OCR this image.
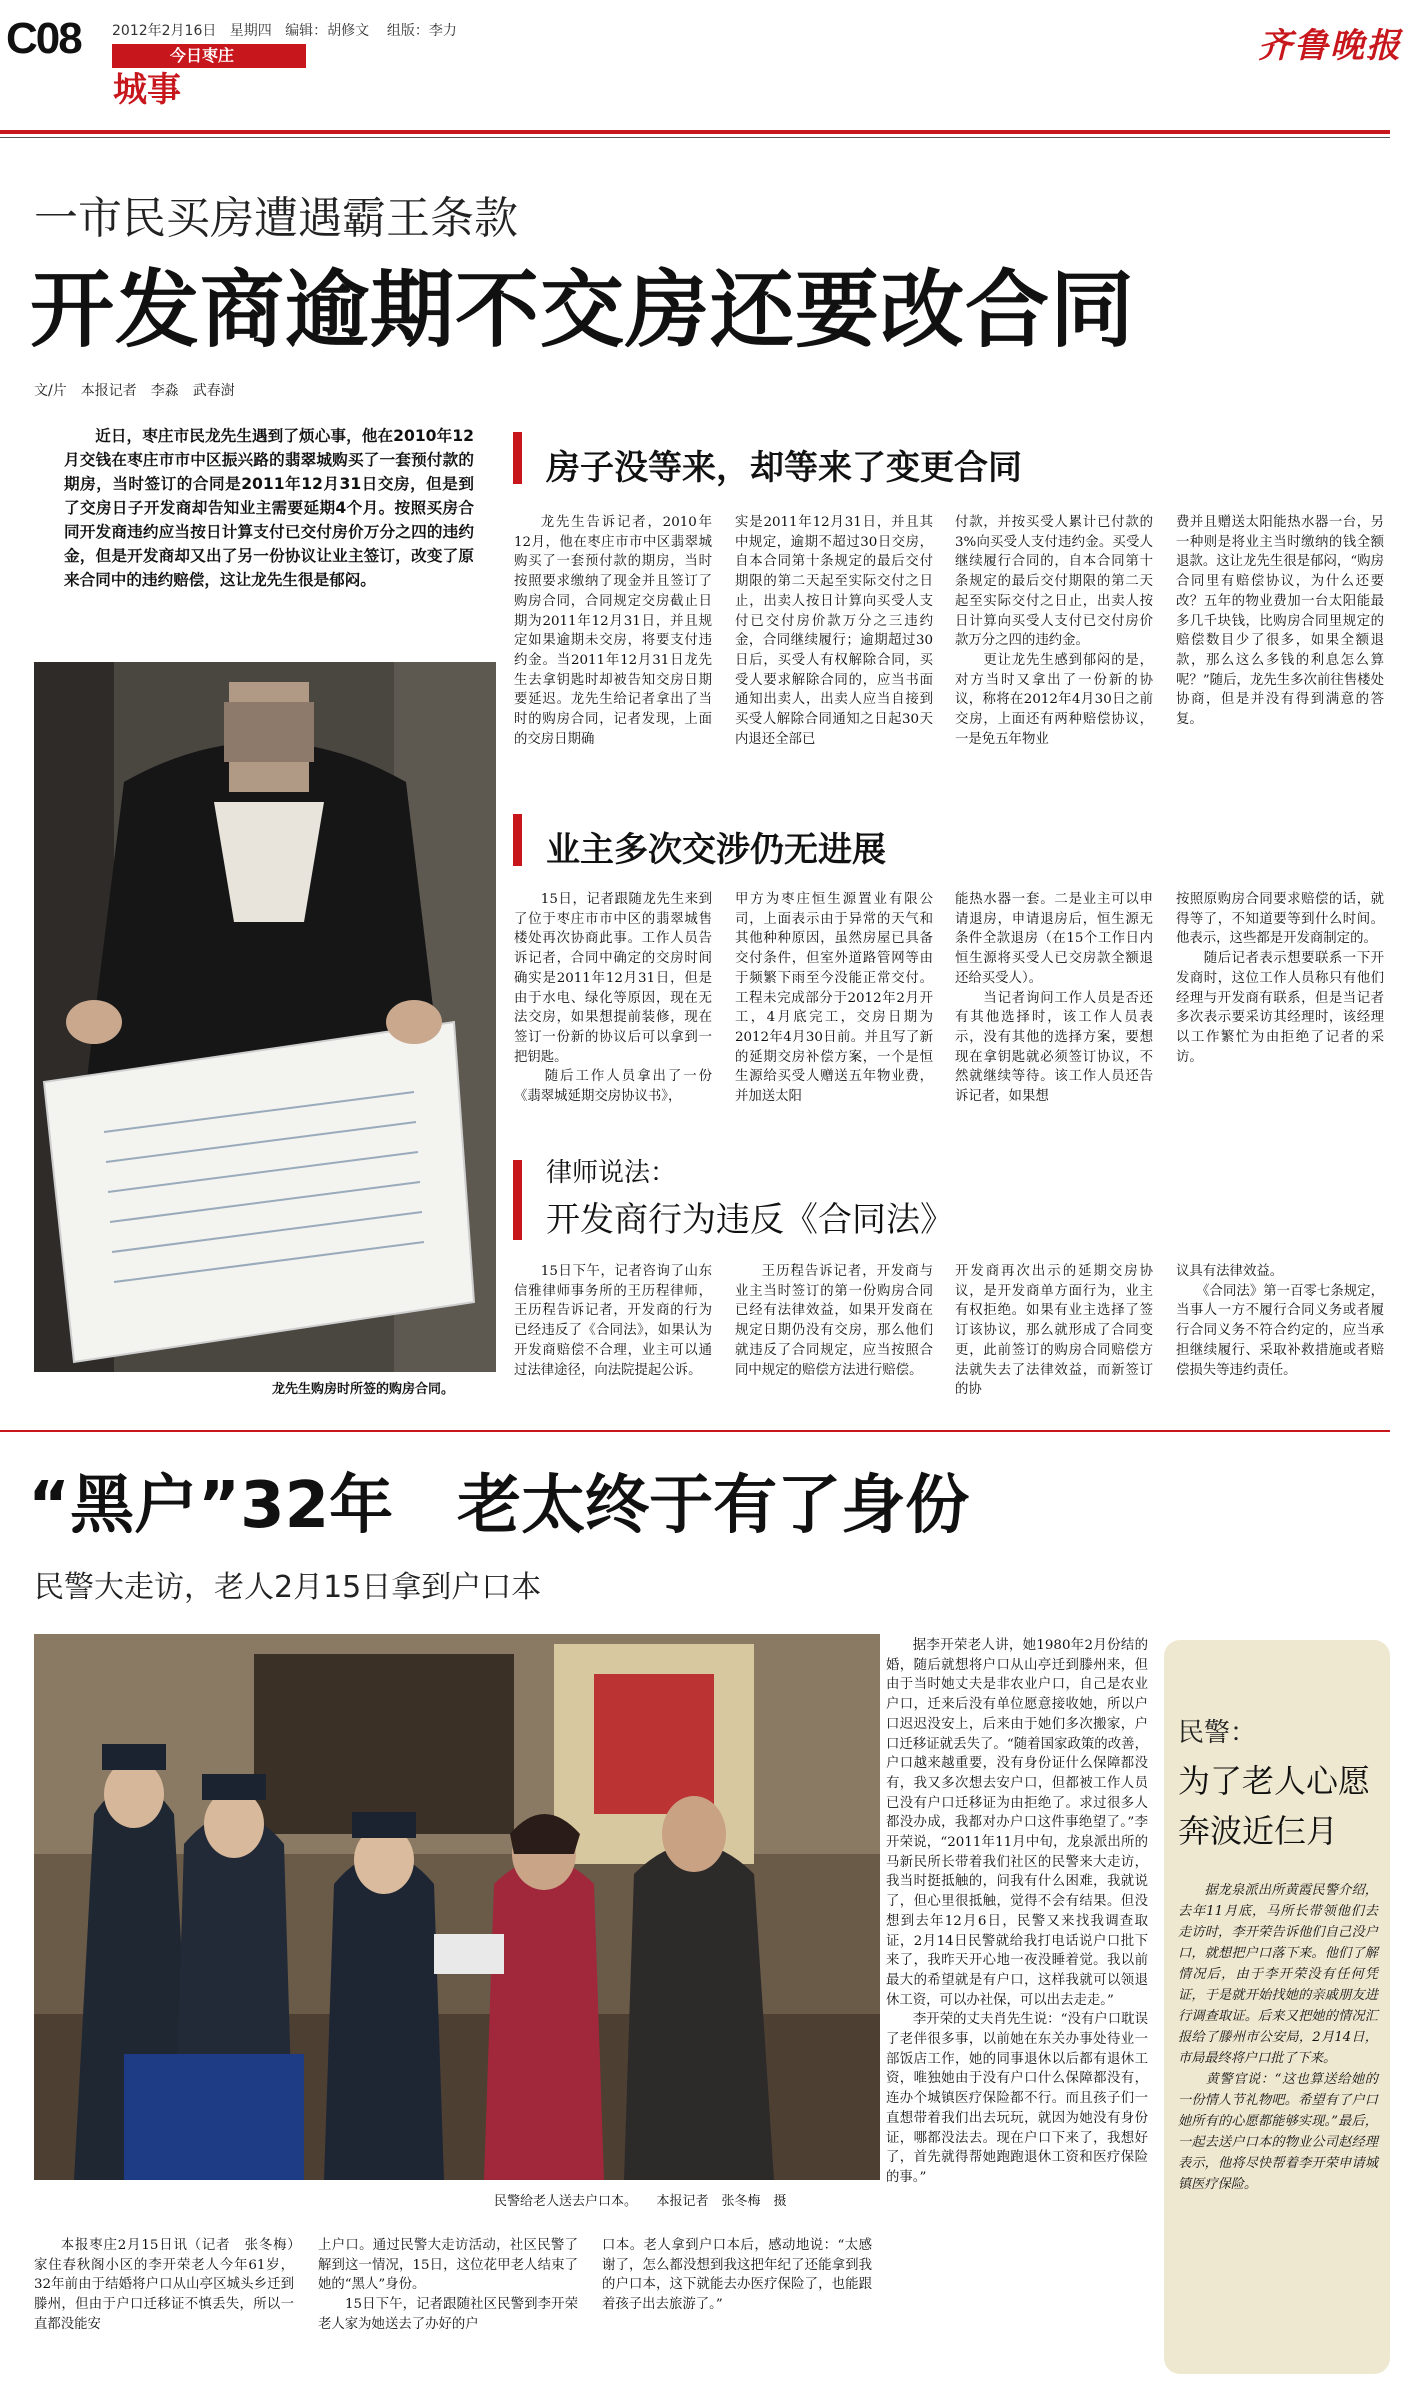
C08 2012年2月16日 星期四 编辑：胡修文 组版：李力
今日枣庄
城事
齐鲁晚报
一市民买房遭遇霸王条款
开发商逾期不交房还要改合同
文/片　本报记者　李淼　武春澍
近日，枣庄市民龙先生遇到了烦心事，他在2010年12月交钱在枣庄市市中区振兴路的翡翠城购买了一套预付款的期房，当时签订的合同是2011年12月31日交房，但是到了交房日子开发商却告知业主需要延期4个月。按照买房合同开发商违约应当按日计算支付已交付房价万分之四的违约金，但是开发商却又出了另一份协议让业主签订，改变了原来合同中的违约赔偿，这让龙先生很是郁闷。
龙先生购房时所签的购房合同。
房子没等来，却等来了变更合同
龙先生告诉记者，2010年12月，他在枣庄市市中区翡翠城购买了一套预付款的期房，当时按照要求缴纳了现金并且签订了购房合同，合同规定交房截止日期为2011年12月31日，并且规定如果逾期未交房，将要支付违约金。当2011年12月31日龙先生去拿钥匙时却被告知交房日期要延迟。龙先生给记者拿出了当时的购房合同，记者发现，上面的交房日期确
实是2011年12月31日，并且其中规定，逾期不超过30日交房，自本合同第十条规定的最后交付期限的第二天起至实际交付之日止，出卖人按日计算向买受人支付已交付房价款万分之三违约金，合同继续履行；逾期超过30日后，买受人有权解除合同，买受人要求解除合同的，应当书面通知出卖人，出卖人应当自接到买受人解除合同通知之日起30天内退还全部已
付款，并按买受人累计已付款的3%向买受人支付违约金。买受人继续履行合同的，自本合同第十条规定的最后交付期限的第二天起至实际交付之日止，出卖人按日计算向买受人支付已交付房价款万分之四的违约金。
　　更让龙先生感到郁闷的是，对方当时又拿出了一份新的协议，称将在2012年4月30日之前交房，上面还有两种赔偿协议，一是免五年物业
费并且赠送太阳能热水器一台，另一种则是将业主当时缴纳的钱全额退款。这让龙先生很是郁闷，“购房合同里有赔偿协议，为什么还要改？五年的物业费加一台太阳能最多几千块钱，比购房合同里规定的赔偿数目少了很多，如果全额退款，那么这么多钱的利息怎么算呢？”随后，龙先生多次前往售楼处协商，但是并没有得到满意的答复。
业主多次交涉仍无进展
15日，记者跟随龙先生来到了位于枣庄市市中区的翡翠城售楼处再次协商此事。工作人员告诉记者，合同中确定的交房时间确实是2011年12月31日，但是由于水电、绿化等原因，现在无法交房，如果想提前装修，现在签订一份新的协议后可以拿到一把钥匙。
　　随后工作人员拿出了一份《翡翠城延期交房协议书》，
甲方为枣庄恒生源置业有限公司，上面表示由于异常的天气和其他种种原因，虽然房屋已具备交付条件，但室外道路管网等由于频繁下雨至今没能正常交付。工程未完成部分于2012年2月开工，4月底完工，交房日期为2012年4月30日前。并且写了新的延期交房补偿方案，一个是恒生源给买受人赠送五年物业费，并加送太阳
能热水器一套。二是业主可以申请退房，申请退房后，恒生源无条件全款退房（在15个工作日内恒生源将买受人已交房款全额退还给买受人）。
　　当记者询问工作人员是否还有其他选择时，该工作人员表示，没有其他的选择方案，要想现在拿钥匙就必须签订协议，不然就继续等待。该工作人员还告诉记者，如果想
按照原购房合同要求赔偿的话，就得等了，不知道要等到什么时间。他表示，这些都是开发商制定的。
　　随后记者表示想要联系一下开发商时，这位工作人员称只有他们经理与开发商有联系，但是当记者多次表示要采访其经理时，该经理以工作繁忙为由拒绝了记者的采访。
律师说法：
开发商行为违反《合同法》
15日下午，记者咨询了山东信雅律师事务所的王历程律师，王历程告诉记者，开发商的行为已经违反了《合同法》，如果认为开发商赔偿不合理，业主可以通过法律途径，向法院提起公诉。
王历程告诉记者，开发商与业主当时签订的第一份购房合同已经有法律效益，如果开发商在规定日期仍没有交房，那么他们就违反了合同规定，应当按照合同中规定的赔偿方法进行赔偿。
开发商再次出示的延期交房协议，是开发商单方面行为，业主有权拒绝。如果有业主选择了签订该协议，那么就形成了合同变更，此前签订的购房合同赔偿方法就失去了法律效益，而新签订的协
议具有法律效益。
　　《合同法》第一百零七条规定，当事人一方不履行合同义务或者履行合同义务不符合约定的，应当承担继续履行、采取补救措施或者赔偿损失等违约责任。
“黑户”32年　老太终于有了身份
民警大走访，老人2月15日拿到户口本
民警给老人送去户口本。　　本报记者　张冬梅　摄
本报枣庄2月15日讯（记者　张冬梅）　家住春秋阁小区的李开荣老人今年61岁，32年前由于结婚将户口从山亭区城头乡迁到滕州，但由于户口迁移证不慎丢失，所以一直都没能安
上户口。通过民警大走访活动，社区民警了解到这一情况，15日，这位花甲老人结束了她的“黑人”身份。
　　15日下午，记者跟随社区民警到李开荣老人家为她送去了办好的户
口本。老人拿到户口本后，感动地说：“太感谢了，怎么都没想到我这把年纪了还能拿到我的户口本，这下就能去办医疗保险了，也能跟着孩子出去旅游了。”
据李开荣老人讲，她1980年2月份结的婚，随后就想将户口从山亭迁到滕州来，但由于当时她丈夫是非农业户口，自己是农业户口，迁来后没有单位愿意接收她，所以户口迟迟没安上，后来由于她们多次搬家，户口迁移证就丢失了。“随着国家政策的改善，户口越来越重要，没有身份证什么保障都没有，我又多次想去安户口，但都被工作人员已没有户口迁移证为由拒绝了。求过很多人都没办成，我都对办户口这件事绝望了。”李开荣说，“2011年11月中旬，龙泉派出所的马新民所长带着我们社区的民警来大走访，我当时挺抵触的，问我有什么困难，我就说了，但心里很抵触，觉得不会有结果。但没想到去年12月6日，民警又来找我调查取证，2月14日民警就给我打电话说户口批下来了，我昨天开心地一夜没睡着觉。我以前最大的希望就是有户口，这样我就可以领退休工资，可以办社保，可以出去走走。”
　　李开荣的丈夫肖先生说：“没有户口耽误了老伴很多事，以前她在东关办事处待业一部饭店工作，她的同事退休以后都有退休工资，唯独她由于没有户口什么保障都没有，连办个城镇医疗保险都不行。而且孩子们一直想带着我们出去玩玩，就因为她没有身份证，哪都没法去。现在户口下来了，我想好了，首先就得帮她跑跑退休工资和医疗保险的事。”
民警：
为了老人心愿
奔波近仨月
据龙泉派出所黄霞民警介绍，去年11月底，马所长带领他们去走访时，李开荣告诉他们自己没户口，就想把户口落下来。他们了解情况后，由于李开荣没有任何凭证，于是就开始找她的亲戚朋友进行调查取证。后来又把她的情况汇报给了滕州市公安局，2月14日，市局最终将户口批了下来。
　　黄警官说：“这也算送给她的一份情人节礼物吧。希望有了户口她所有的心愿都能够实现。”最后，一起去送户口本的物业公司赵经理表示，他将尽快帮着李开荣申请城镇医疗保险。
